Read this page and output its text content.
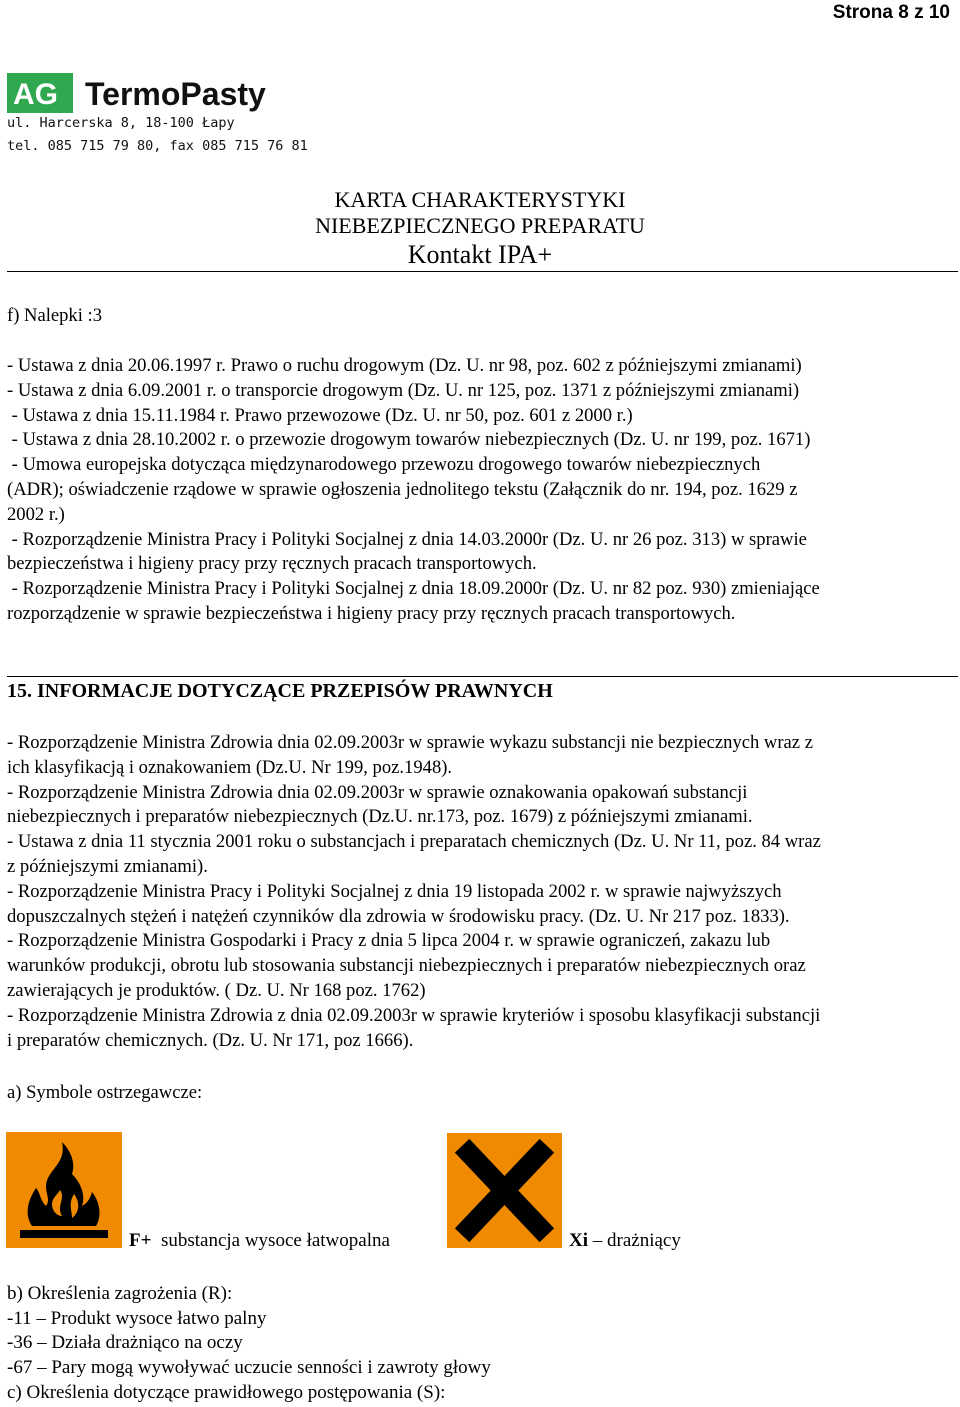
Strona 8 z 10
AG TermoPasty
ul. Harcerska 8, 18-100 Łapy
tel. 085 715 79 80, fax 085 715 76 81
KARTA CHARAKTERYSTYKI
NIEBEZPIECZNEGO PREPARATU
Kontakt IPA+
f) Nalepki :3
- Ustawa z dnia 20.06.1997 r. Prawo o ruchu drogowym (Dz. U. nr 98, poz. 602 z późniejszymi zmianami)
- Ustawa z dnia 6.09.2001 r. o transporcie drogowym (Dz. U. nr 125, poz. 1371 z późniejszymi zmianami)
- Ustawa z dnia 15.11.1984 r. Prawo przewozowe (Dz. U. nr 50, poz. 601 z 2000 r.)
- Ustawa z dnia 28.10.2002 r. o przewozie drogowym towarów niebezpiecznych (Dz. U. nr 199, poz. 1671)
- Umowa europejska dotycząca międzynarodowego przewozu drogowego towarów niebezpiecznych
(ADR); oświadczenie rządowe w sprawie ogłoszenia jednolitego tekstu (Załącznik do nr. 194, poz. 1629 z
2002 r.)
- Rozporządzenie Ministra Pracy i Polityki Socjalnej z dnia 14.03.2000r (Dz. U. nr 26 poz. 313) w sprawie
bezpieczeństwa i higieny pracy przy ręcznych pracach transportowych.
- Rozporządzenie Ministra Pracy i Polityki Socjalnej z dnia 18.09.2000r (Dz. U. nr 82 poz. 930) zmieniające
rozporządzenie w sprawie bezpieczeństwa i higieny pracy przy ręcznych pracach transportowych.
15. INFORMACJE DOTYCZĄCE PRZEPISÓW PRAWNYCH
- Rozporządzenie Ministra Zdrowia dnia 02.09.2003r w sprawie wykazu substancji nie bezpiecznych wraz z
ich klasyfikacją i oznakowaniem (Dz.U. Nr 199, poz.1948).
- Rozporządzenie Ministra Zdrowia dnia 02.09.2003r w sprawie oznakowania opakowań substancji
niebezpiecznych i preparatów niebezpiecznych (Dz.U. nr.173, poz. 1679) z późniejszymi zmianami.
- Ustawa z dnia 11 stycznia 2001 roku o substancjach i preparatach chemicznych (Dz. U. Nr 11, poz. 84 wraz
z późniejszymi zmianami).
- Rozporządzenie Ministra Pracy i Polityki Socjalnej z dnia 19 listopada 2002 r. w sprawie najwyższych
dopuszczalnych stężeń i natężeń czynników dla zdrowia w środowisku pracy. (Dz. U. Nr 217 poz. 1833).
- Rozporządzenie Ministra Gospodarki i Pracy z dnia 5 lipca 2004 r. w sprawie ograniczeń, zakazu lub
warunków produkcji, obrotu lub stosowania substancji niebezpiecznych i preparatów niebezpiecznych oraz
zawierających je produktów. ( Dz. U. Nr 168 poz. 1762)
- Rozporządzenie Ministra Zdrowia z dnia 02.09.2003r w sprawie kryteriów i sposobu klasyfikacji substancji
i preparatów chemicznych. (Dz. U. Nr 171, poz 1666).
a) Symbole ostrzegawcze:
F+ substancja wysoce łatwopalna	Xi – drażniący
b) Określenia zagrożenia (R):
-11 – Produkt wysoce łatwo palny
-36 – Działa drażniąco na oczy
-67 – Pary mogą wywoływać uczucie senności i zawroty głowy
c) Określenia dotyczące prawidłowego postępowania (S):
